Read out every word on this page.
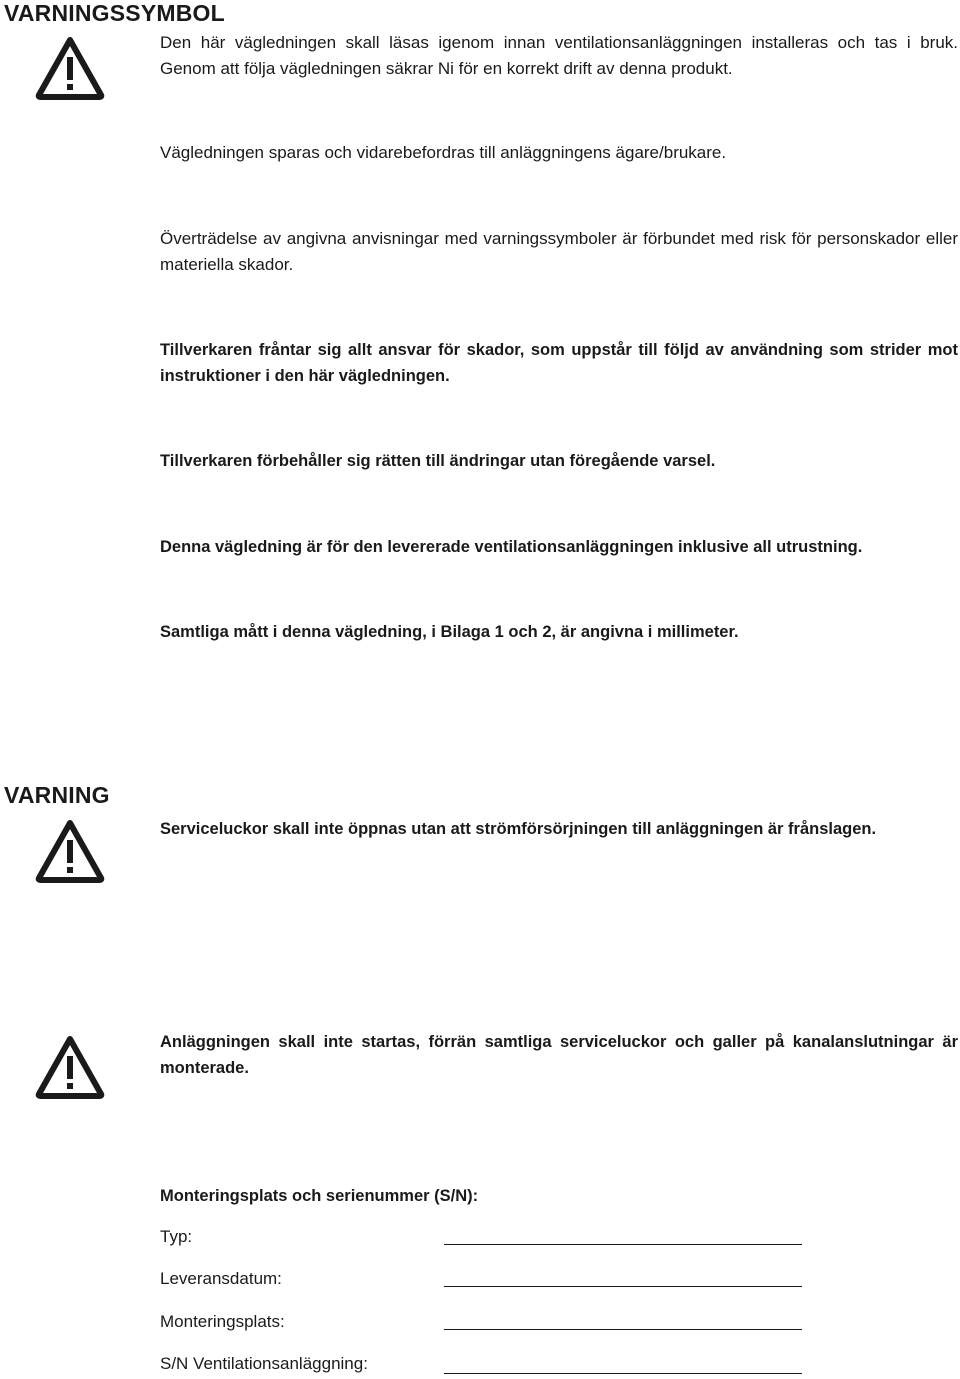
VARNINGSSYMBOL

Den här vägledningen skall läsas igenom innan ventilationsanläggningen installeras och tas i bruk. Genom att följa vägledningen säkrar Ni för en korrekt drift av denna produkt.

Vägledningen sparas och vidarebefordras till anläggningens ägare/brukare.

Överträdelse av angivna anvisningar med varningssymboler är förbundet med risk för personskador eller materiella skador.

Tillverkaren fråntar sig allt ansvar för skador, som uppstår till följd av användning som strider mot instruktioner i den här vägledningen.

Tillverkaren förbehåller sig rätten till ändringar utan föregående varsel.

Denna vägledning är för den levererade ventilationsanläggningen inklusive all utrustning.

Samtliga mått i denna vägledning, i Bilaga 1 och 2, är angivna i millimeter.

VARNING

Serviceluckor skall inte öppnas utan att strömförsörjningen till anläggningen är frånslagen.

Anläggningen skall inte startas, förrän samtliga serviceluckor och galler på kanalanslutningar är monterade.

Monteringsplats och serienummer (S/N):

Typ:

Leveransdatum:

Monteringsplats:

S/N Ventilationsanläggning:
